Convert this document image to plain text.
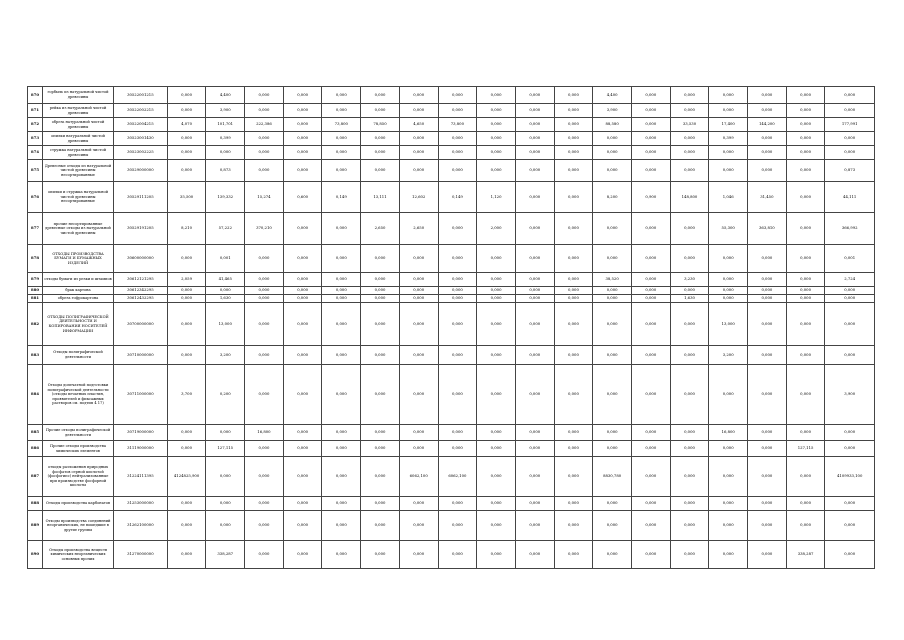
870	горбыль из натуральной чистой древесины	30522001215	0,000	4,400	0,000	0,000	0,000	0,000	0,000	0,000	0,000	0,000	0,000	4,400	0,000	0,000	0,000	0,000	0,000	0,000
871	рейка из натуральной чистой древесины	30522002215	0,000	3,900	0,000	0,000	0,000	0,000	0,000	0,000	0,000	0,000	0,000	3,900	0,000	0,000	0,000	0,000	0,000	0,000
872	обрезь натуральной чистой древесины	30522004215	4,070	101,701	222,386	0,000	73,800	78,850	4,650	73,800	0,000	0,000	0,000	88,580	0,000	33,530	17,400	144,200	0,000	177,991
873	опилки натуральной чистой древесины	30523001430	0,000	0,399	0,000	0,000	0,000	0,000	0,000	0,000	0,000	0,000	0,000	0,000	0,000	0,000	0,399	0,000	0,000	0,000
874	стружка натуральной чистой древесины	30523002225	0,000	0,000	0,000	0,000	0,000	0,000	0,000	0,000	0,000	0,000	0,000	0,000	0,000	0,000	0,000	0,000	0,000	0,000
875	Древесные отходы из натуральной чистой древесины несортированные	30529000000	0,000	0,873	0,000	0,000	0,000	0,000	0,000	0,000	0,000	0,000	0,000	0,000	0,000	0,000	0,000	0,000	0,000	0,873
876	опилки и стружка натуральной чистой древесины несортированные	30529111205	35,500	139,332	15,274	0,600	0,149	13,111	12,602	0,149	1,120	0,000	0,000	8,200	0,900	148,800	1,046	31,450	0,000	44,111
877	прочие несортированные древесные отходы из натуральной чистой древесины	30529191205	8,210	57,222	370,210	0,000	0,000	2,650	2,650	0,000	2,000	0,000	0,000	0,000	0,000	0,000	55,300	363,810	0,000	366,992
878	ОТХОДЫ ПРОИЗВОДСТВА БУМАГИ И БУМАЖНЫХ ИЗДЕЛИЙ	30600000000	0,000	0,001	0,000	0,000	0,000	0,000	0,000	0,000	0,000	0,000	0,000	0,000	0,000	0,000	0,000	0,000	0,000	0,001
879	отходы бумаги из резки и штампов	30612121295	2,059	41,465	0,000	0,000	0,000	0,000	0,000	0,000	0,000	0,000	0,000	38,520	0,000	3,230	0,000	0,000	0,000	2,724
880	брак картона	30612342295	0,000	0,000	0,000	0,000	0,000	0,000	0,000	0,000	0,000	0,000	0,000	0,000	0,000	0,000	0,000	0,000	0,000	0,000
881	обрезь гофрокартона	30612432295	0,000	1,630	0,000	0,000	0,000	0,000	0,000	0,000	0,000	0,000	0,000	0,000	0,000	1,630	0,000	0,000	0,000	0,000
882	ОТХОДЫ ПОЛИГРАФИЧЕСКОЙ ДЕЯТЕЛЬНОСТИ И КОПИРОВАНИЯ НОСИТЕЛЕЙ ИНФОРМАЦИИ	30700000000	0,000	13,000	0,000	0,000	0,000	0,000	0,000	0,000	0,000	0,000	0,000	0,000	0,000	0,000	13,000	0,000	0,000	0,000
883	Отходы полиграфической деятельности	30710000000	0,000	3,200	0,000	0,000	0,000	0,000	0,000	0,000	0,000	0,000	0,000	0,000	0,000	0,000	3,200	0,000	0,000	0,000
884	Отходы допечатной подготовки полиграфической деятельности (отходы печатных пластин, проявителей и фиксажных растворов см. подтип 4 17)	30711000000	3,700	0,200	0,000	0,000	0,000	0,000	0,000	0,000	0,000	0,000	0,000	0,000	0,000	0,000	0,000	0,000	0,000	3,900
885	Прочие отходы полиграфической деятельности	30719000000	0,000	0,000	16,800	0,000	0,000	0,000	0,000	0,000	0,000	0,000	0,000	0,000	0,000	0,000	16,800	0,000	0,000	0,000
886	Прочие отходы производства химических элементов	31119000000	0,000	127,115	0,000	0,000	0,000	0,000	0,000	0,000	0,000	0,000	0,000	0,000	0,000	0,000	0,000	0,000	127,115	0,000
887	отходы разложения природных фосфатов серной кислотой (фосфогипс) нейтрализованные при производстве фосфорной кислоты	31224111395	4124825,900	0,000	0,000	0,000	0,000	0,000	6062,100	6062,100	0,000	0,000	0,000	8830,780	0,000	0,000	0,000	0,000	0,000	4109933,100
888	Отходы производства карбонатов	31253000000	0,000	0,000	0,000	0,000	0,000	0,000	0,000	0,000	0,000	0,000	0,000	0,000	0,000	0,000	0,000	0,000	0,000	0,000
889	Отходы производства соединений неорганических, не вошедшие в другие группы	31262100000	0,000	0,000	0,000	0,000	0,000	0,000	0,000	0,000	0,000	0,000	0,000	0,000	0,000	0,000	0,000	0,000	0,000	0,000
890	Отходы производства веществ химических неорганических основных прочих	31270000000	0,000	338,287	0,000	0,000	0,000	0,000	0,000	0,000	0,000	0,000	0,000	0,000	0,000	0,000	0,000	0,000	338,287	0,000
